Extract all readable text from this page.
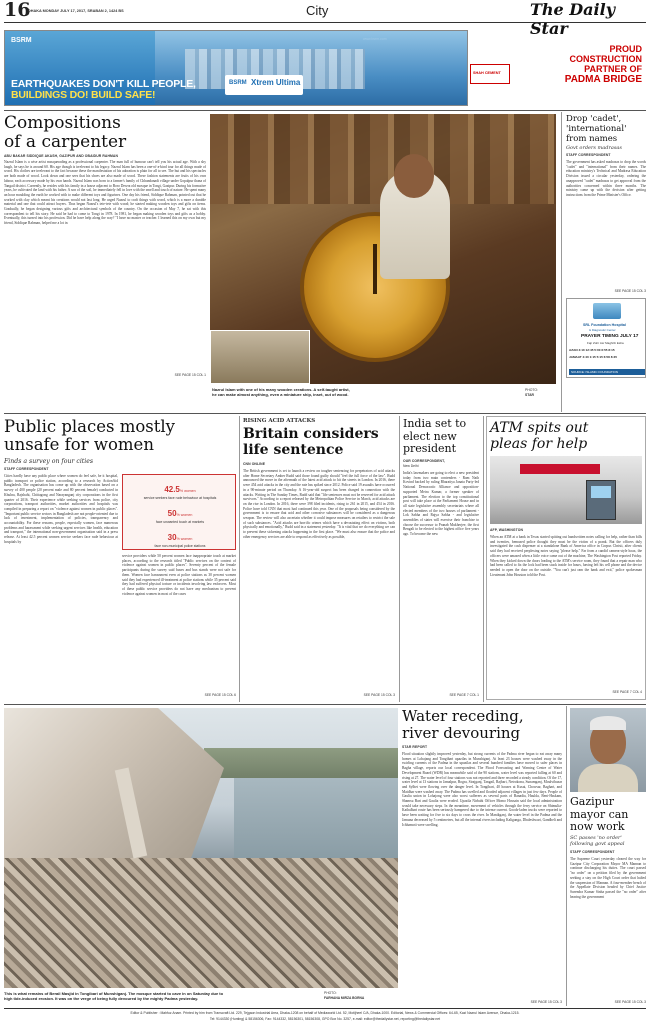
16
DHAKA MONDAY JULY 17, 2017, SRABAN 2, 1424 BS	City	The Daily Star
BSRM
EARTHQUAKES DON'T KILL PEOPLE,
BUILDINGS DO! BUILD SAFE!
BSRM Xtrem Ultima
SHAH CEMENT
PROUD
CONSTRUCTION
PARTNER OF
PADMA BRIDGE
Compositions
of a carpenter
ABU BAKAR SIDDIQUE AKASH, GAZIPUR AND OBAIDUR RAHMAN
Nazrul Islam is a wise artist masquerading as a professional carpenter. The man full of humour can't tell you his actual age. With a shy laugh, he says he is around 60. His age though is irrelevant to his legacy. Nazrul Islam has been a one-of-a-kind tour for all things made of wood. His clothes are irrelevant to the fact because these the manifestation of his adoration is plain for all to see. The hut and his spectacles are both made of wood. Look down and one sees that his shoes are also made of wood. These fashion statements are fruits of his own labour, each accessory made by his own hands. Nazrul Islam was born to a farmer's family of Chhandanadi village under Gopalpur thana of Tangail district. Currently, he resides with his family in a house adjacent to Boro Dewra old mosque in Tongi, Gazipur. During his formative years, he cultivated the land with his father. A son of the soil, he immediately fell in love with the smell and touch of nature. He spent many an hour moulding the earth he worked with to make different toys and figurines. One day his friend, Siddique Rahman, pointed out that he worked with clay which meant his creations would not last long. He urged Nazrul to craft things with wood, which is a more a durable material and one that could attract buyers. Thus began Nazrul's tete-tete with wood; he started making wooden toys and gifts on items. Gradually, he began designing various gifts and architectural symbols of the country. On the occasion of May 7, he sat with this correspondent to tell his story. He said he had to come to Tongi in 1978. In 1981, he began making wooden toys and gifts as a hobby. Eventually, this turned into his profession. Did he have help along the way? "I have no master or teacher. I learned this on my own but my friend, Siddique Rahman, helped me a lot in
SEE PAGE 15 COL 1
Nazrul Islam with one of his many wooden creations. A self-taught artist,
he can make almost anything, even a miniature ship, inset, out of wood.
PHOTO:
STAR
Drop 'cadet',
'international'
from names
Govt orders madrasas
STAFF CORRESPONDENT
The government has asked madrasas to drop the words "cadet" and "international" from their names. The education ministry's Technical and Madrasa Education Division issued a circular yesterday, ordering the unapproved "cadet" madrasas to get approval from the authorities concerned within three months. The ministry came up with the decision after getting instructions from the Prime Minister's Office.
SEE PAGE 15 COL 3
SRL Foundation Hospital
& Diagnostic Center
PRAYER TIMING JULY 17
Fajr Zohr Asr Maghrib Esha
AZAN 4:10 12:45 5:00 6:55 8:15
JAMAAT 4:40 1:15 5:15 6:58 8:45
SOURCE: ISLAMIC FOUNDATION
Public places mostly
unsafe for women
Finds a survey on four cities
STAFF CORRESPONDENT
Cities hardly have any public place where women do feel safe, be it hospital, public transport or police station, according to a research by ActionAid Bangladesh. The organisation has come up with the observation based on a survey of 400 people (20 percent male and 80 percent female) conducted in Khulna, Rajshahi, Chittagong and Narayanganj city corporations in the first quarter of 2016. Their experience while seeking services from police, city corporations, transport authorities, market authorities and hospitals was compiled in preparing a report on "violence against women in public places". "Important public service sectors in Bangladesh are not people-oriented due to lack of investment, implementation of policies, transparency and accountability. For these reasons, people, especially women, face numerous problems and harassment while seeking urgent services like health, education and transport," the international non-government organisation said in a press release. At least 42.5 percent women service seekers face rude behaviour at hospitals by
42.5% women
service seekers face rude behaviour at hospitals
50% women
face unwanted touch at markets
30% women
face non-municipal police stations
service providers while 50 percent women face inappropriate touch at market places, according to the research titled "Public services on the context of violence against women in public places". Seventy percent of the female participants during the survey said buses and bus stands were not safe for them. Women face harassment even at police stations as 30 percent women said they had experienced ill-treatment at police stations while 35 percent said they had suffered physical torture or incidents involving law enforcers. Most of these public service providers do not have any mechanism to prevent violence against women in most of the cases
SEE PAGE 15 COL 6
RISING ACID ATTACKS
Britain considers
life sentence
CNN ONLINE
The British government is set to launch a review on tougher sentencing for perpetrators of acid attacks after Home Secretary Amber Rudd said those found guilty should "feel the full force of the law". Rudd announced the move in the aftermath of the latest acid attack to hit the streets in London. In 2016, there were 454 acid attacks in the city and the rate has spiked since 2012. Police said 19 assaults have occurred in a 90-minute period on Thursday. A 16-year-old suspect has been charged in connection with the attacks. Writing in The Sunday Times, Rudd said that "life sentences must not be reserved for acid attack survivors." According to a report released by the Metropolitan Police Service in March, acid attacks are on the rise in London. In 2016, there were 398 filed incidents, rising to 261 in 2015, and 454 in 2016. Police have told CNN that most had continued this year. One of the proposals being considered by the government is to ensure that acid and other corrosive substances will be considered as a dangerous weapon. The review will also ascertain whether it could impose measures on retailers to restrict the sale of such substances. "Acid attacks are horrific crimes which have a devastating effect on victims, both physically and emotionally," Rudd said in a statement yesterday. "It is vital that we do everything we can to prevent these sickening attacks happening in the first place. "We must also ensure that the police and other emergency services are able to respond as effectively as possible,
SEE PAGE 15 COL 3
India set to
elect new
president
OUR CORRESPONDENT,
New Delhi
India's lawmakers are going to elect a new president today from two main contenders - Ram Nath Kovind backed by ruling Bharatiya Janata Party-led National Democratic Alliance and opposition-supported Meira Kumar, a former speaker of parliament. The election to the top constitutional post will take place at the Parliament House and in all state legislative assembly secretariats where all elected members of the two houses of parliament - Lok Sabha and Rajya Sabha - and legislative assemblies of states will exercise their franchise to choose the successor to Pranab Mukherjee, the first Bengali to be elected to the highest office five years ago. To become the new
SEE PAGE 7 COL 1
ATM spits out
pleas for help
AFP, WASHINGTON
When an ATM at a bank in Texas started spitting out handwritten notes calling for help, rather than bills and twenties, bemused police thought they must be the victim of a prank. But the officers duly investigated the cash dispenser at a standalone Bank of America office in Corpus Christi, after clients said they had received perplexing notes saying "please help." Far from a candid camera-style hoax, the officers were amazed when a little voice came out of the machine, The Washington Post reported Friday. When they kicked down the doors leading to the ATM's service room, they found that a repair man who had been called to fix the lock had been stuck inside for hours, having left his cell phone and the device needed to open the door on the outside. "You can't just ram the bank and exit," police spokesman Lieutenant John Houston told the Post.
SEE PAGE 7 COL 4
This is what remains of Berail Masjid in Tongibari of Munshiganj. The mosque started to cave in on Saturday due to
high tide-induced erosion. It was on the verge of being fully devoured by the mighty Padma yesterday.
PHOTO:
FARHANA MIRZA BORNA
Water receding,
river devouring
STAR REPORT
Flood situation slightly improved yesterday, but strong currents of the Padma river began to eat away many homes at Lohajang and Tongibari upazilas in Munshiganj. At least 23 houses were washed away in the swirling currents of the Padma in the upazilas and several hundred families have moved to safer places in Bagha village, reports our local correspondent. The Flood Forecasting and Warning Centre of Water Development Board (WDB) has meanwhile said of the 90 stations, water level was reported falling at 60 and rising at 27. The water level of four stations was not reported and three recorded a steady condition. Of the 17, water level at 13 stations in Jamalpur, Bogra, Sirajganj, Tangail, Rajbari, Netrokona, Sunamganj, Moulvibazar and Sylhet were flowing over the danger level. In Tongibari, 40 houses at Kusai, Chowsar, Baghari, and Maidhar were washed away. The Padma has swelled and flooded adjacent villages in just few days. People of Gaulia union in Lohajong were also worst sufferers as several parts of Banadia, Haulda, Beni-Haskam, Shamsu Bari and Gaulia were eroded. Upazila Nirbahi Officer Momo Hossain said the local administration would take necessary steps. In the meantime, movement of vehicles through the ferry service on Shimulia-Kathalbari route has been seriously hampered due to the intense current. Goods-laden trucks were reported to have been waiting for five to six days to cross the river. In Manikganj, the water level in the Padma and the Jamuna decreased by 5 centimetres, but all the internal rivers including Kaliganga, Dhaleshwari, Gandheli and Ichhamoti were swelling.
SEE PAGE 15 COL 3
Gazipur
mayor can
now work
SC passes 'no order'
following govt appeal
STAFF CORRESPONDENT
The Supreme Court yesterday cleared the way for Gazipur City Corporation Mayor MA Mannan to continue discharging his duties. The court passed "no order" on a petition filed by the government seeking a stay on the High Court order that halted the suspension of Mannan. A four-member bench of the Appellate Division headed by Chief Justice Surendra Kumar Sinha passed the "no order" after hearing the government
SEE PAGE 15 COL 3
Editor & Publisher : Mahfuz Anam. Printed by him from Transcraft Ltd. 229, Tejgaon Industrial Area, Dhaka-1208 on behalf of Mediaworld Ltd. 52, Motijheel C/A, Dhaka-1000. Editorial, News & Commercial Offices: 64-65, Kazi Nazrul Islam Avenue, Dhaka-1215.
Tel: 9144330 (Hunting) & 58156306, Fax: 9144332, 58156301, 58156308, GPO Box No. 3257, e-mail: editor@thedailystar.net, reporting@thedailystar.net
